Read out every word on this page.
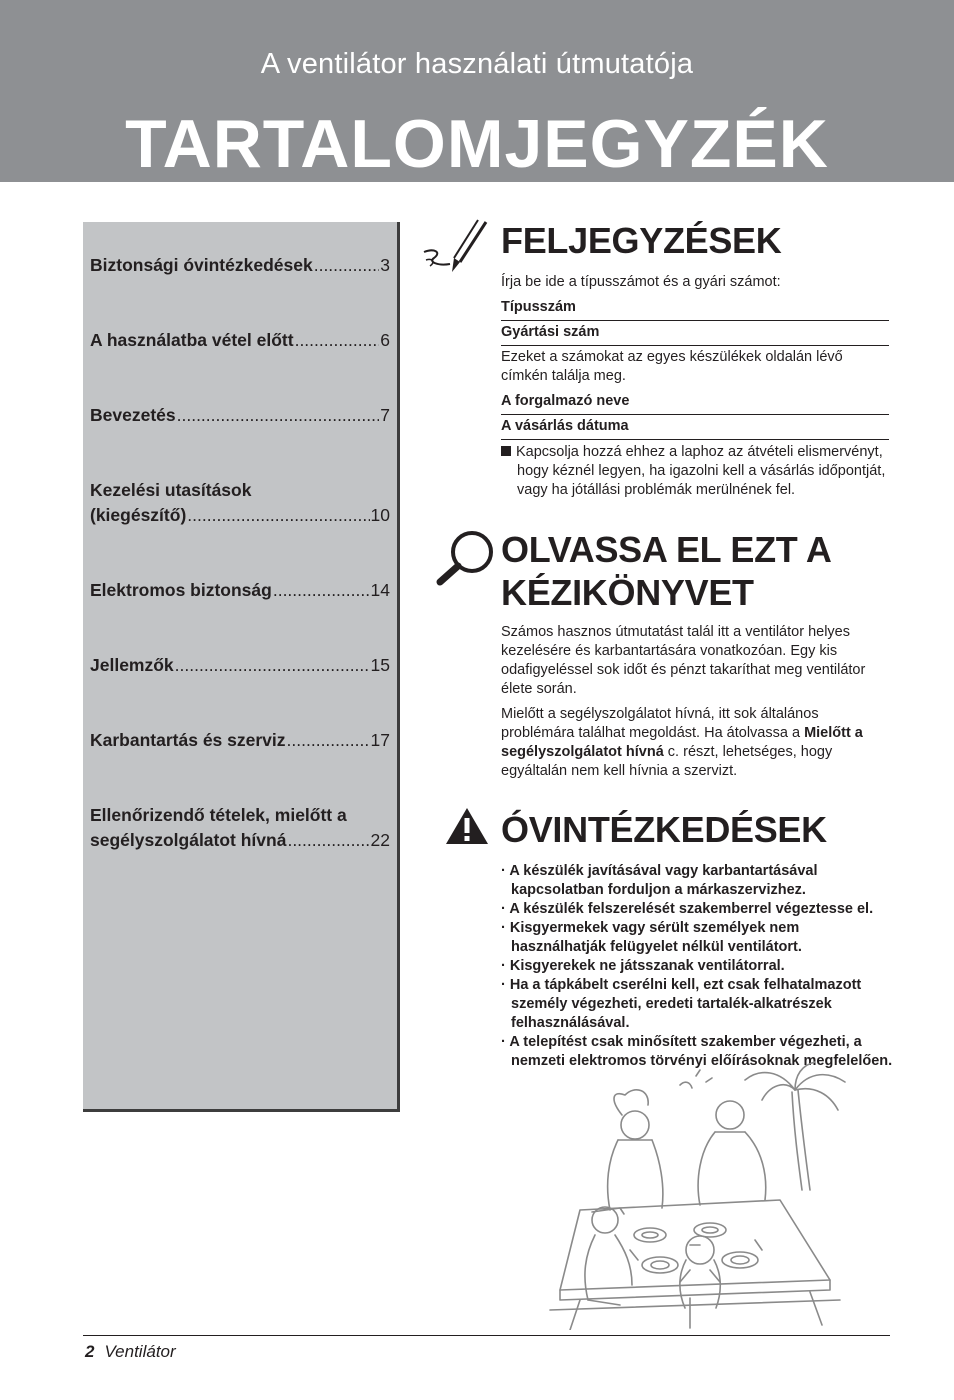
A ventilátor használati útmutatója
TARTALOMJEGYZÉK
Biztonsági óvintézkedések .....	3
A használatba vétel előtt .....	6
Bevezetés .....	7
Kezelési utasítások
(kiegészítő) .....	10
Elektromos biztonság .....	14
Jellemzők .....	15
Karbantartás és szerviz .....	17
Ellenőrizendő tételek, mielőtt a
segélyszolgálatot hívná .....	22
FELJEGYZÉSEK
Írja be ide a típusszámot és a gyári számot:
Típusszám
Gyártási szám
Ezeket a számokat az egyes készülékek oldalán lévő címkén találja meg.
A forgalmazó neve
A vásárlás dátuma
Kapcsolja hozzá ehhez a laphoz az átvételi elismervényt, hogy kéznél legyen, ha igazolni kell a vásárlás időpontját, vagy ha jótállási problémák merülnének fel.
OLVASSA EL EZT A
KÉZIKÖNYVET
Számos hasznos útmutatást talál itt a ventilátor helyes kezelésére és karbantartására vonatkozóan. Egy kis odafigyeléssel sok időt és pénzt takaríthat meg ventilátor élete során.
Mielőtt a segélyszolgálatot hívná, itt sok általános problémára találhat megoldást. Ha átolvassa a Mielőtt a segélyszolgálatot hívná c. részt, lehetséges, hogy egyáltalán nem kell hívnia a szervizt.
ÓVINTÉZKEDÉSEK
· A készülék javításával vagy karbantartásával kapcsolatban forduljon a márkaszervizhez.
· A készülék felszerelését szakemberrel végeztesse el.
· Kisgyermekek vagy sérült személyek nem használhatják felügyelet nélkül ventilátort.
· Kisgyerekek ne játsszanak ventilátorral.
· Ha a tápkábelt cserélni kell, ezt csak felhatalmazott személy végezheti, eredeti tartalék-alkatrészek felhasználásával.
· A telepítést csak minősített szakember végezheti, a nemzeti elektromos törvényi előírásoknak megfelelően.
2 Ventilátor
